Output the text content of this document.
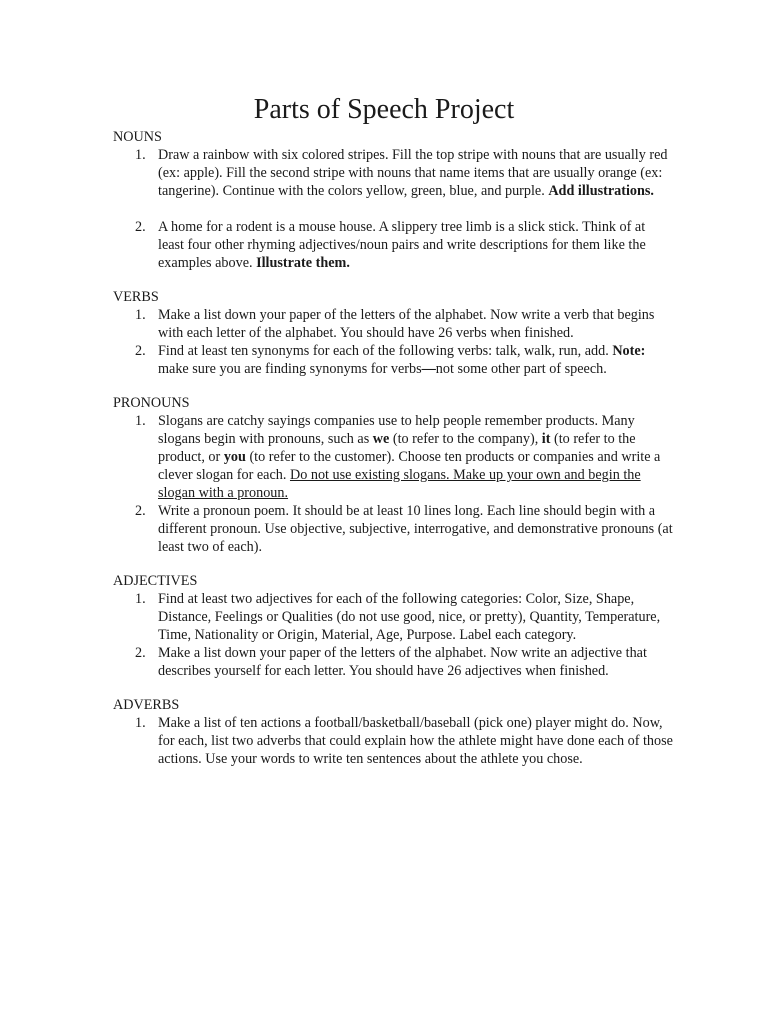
Parts of Speech Project
NOUNS
1. Draw a rainbow with six colored stripes. Fill the top stripe with nouns that are usually red (ex: apple). Fill the second stripe with nouns that name items that are usually orange (ex: tangerine). Continue with the colors yellow, green, blue, and purple. Add illustrations.
2. A home for a rodent is a mouse house. A slippery tree limb is a slick stick. Think of at least four other rhyming adjectives/noun pairs and write descriptions for them like the examples above. Illustrate them.
VERBS
1. Make a list down your paper of the letters of the alphabet. Now write a verb that begins with each letter of the alphabet. You should have 26 verbs when finished.
2. Find at least ten synonyms for each of the following verbs: talk, walk, run, add. Note: make sure you are finding synonyms for verbs—not some other part of speech.
PRONOUNS
1. Slogans are catchy sayings companies use to help people remember products. Many slogans begin with pronouns, such as we (to refer to the company), it (to refer to the product, or you (to refer to the customer). Choose ten products or companies and write a clever slogan for each. Do not use existing slogans. Make up your own and begin the slogan with a pronoun.
2. Write a pronoun poem. It should be at least 10 lines long. Each line should begin with a different pronoun. Use objective, subjective, interrogative, and demonstrative pronouns (at least two of each).
ADJECTIVES
1. Find at least two adjectives for each of the following categories: Color, Size, Shape, Distance, Feelings or Qualities (do not use good, nice, or pretty), Quantity, Temperature, Time, Nationality or Origin, Material, Age, Purpose. Label each category.
2. Make a list down your paper of the letters of the alphabet. Now write an adjective that describes yourself for each letter. You should have 26 adjectives when finished.
ADVERBS
1. Make a list of ten actions a football/basketball/baseball (pick one) player might do. Now, for each, list two adverbs that could explain how the athlete might have done each of those actions. Use your words to write ten sentences about the athlete you chose.
